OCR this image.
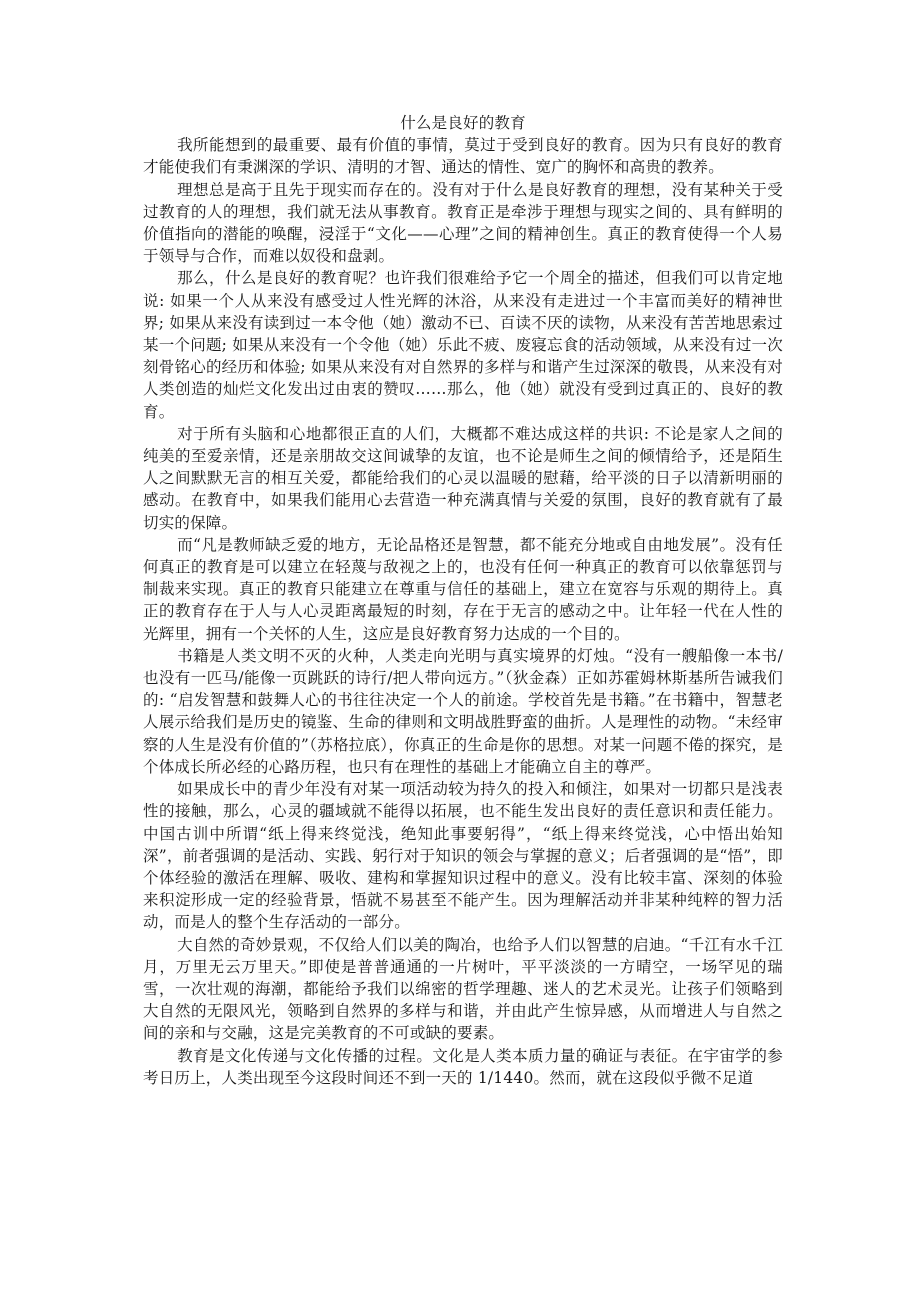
什么是良好的教育

我所能想到的最重要、最有价值的事情，莫过于受到良好的教育。因为只有良好的教育才能使我们有秉渊深的学识、清明的才智、通达的情性、宽广的胸怀和高贵的教养。

理想总是高于且先于现实而存在的。没有对于什么是良好教育的理想，没有某种关于受过教育的人的理想，我们就无法从事教育。教育正是牵涉于理想与现实之间的、具有鲜明的价值指向的潜能的唤醒，浸淫于“文化——心理”之间的精神创生。真正的教育使得一个人易于领导与合作，而难以奴役和盘剥。

那么，什么是良好的教育呢？也许我们很难给予它一个周全的描述，但我们可以肯定地说: 如果一个人从来没有感受过人性光辉的沐浴，从来没有走进过一个丰富而美好的精神世界; 如果从来没有读到过一本令他（她）激动不已、百读不厌的读物，从来没有苦苦地思索过某一个问题; 如果从来没有一个令他（她）乐此不疲、废寝忘食的活动领域，从来没有过一次刻骨铭心的经历和体验; 如果从来没有对自然界的多样与和谐产生过深深的敬畏，从来没有对人类创造的灿烂文化发出过由衷的赞叹……那么，他（她）就没有受到过真正的、良好的教育。

对于所有头脑和心地都很正直的人们，大概都不难达成这样的共识: 不论是家人之间的纯美的至爱亲情，还是亲朋故交这间诚挚的友谊，也不论是师生之间的倾情给予，还是陌生人之间默默无言的相互关爱，都能给我们的心灵以温暖的慰藉，给平淡的日子以清新明丽的感动。在教育中，如果我们能用心去营造一种充满真情与关爱的氛围，良好的教育就有了最切实的保障。

而“凡是教师缺乏爱的地方，无论品格还是智慧，都不能充分地或自由地发展”。没有任何真正的教育是可以建立在轻蔑与敌视之上的，也没有任何一种真正的教育可以依靠惩罚与制裁来实现。真正的教育只能建立在尊重与信任的基础上，建立在宽容与乐观的期待上。真正的教育存在于人与人心灵距离最短的时刻，存在于无言的感动之中。让年轻一代在人性的光辉里，拥有一个关怀的人生，这应是良好教育努力达成的一个目的。

书籍是人类文明不灭的火种，人类走向光明与真实境界的灯烛。“没有一艘船像一本书/也没有一匹马/能像一页跳跃的诗行/把人带向远方。”（狄金森）正如苏霍姆林斯基所告诫我们的: “启发智慧和鼓舞人心的书往往决定一个人的前途。学校首先是书籍。”在书籍中，智慧老人展示给我们是历史的镜鉴、生命的律则和文明战胜野蛮的曲折。人是理性的动物。“未经审察的人生是没有价值的”（苏格拉底），你真正的生命是你的思想。对某一问题不倦的探究，是个体成长所必经的心路历程，也只有在理性的基础上才能确立自主的尊严。

如果成长中的青少年没有对某一项活动较为持久的投入和倾注，如果对一切都只是浅表性的接触，那么，心灵的疆域就不能得以拓展，也不能生发出良好的责任意识和责任能力。中国古训中所谓“纸上得来终觉浅，绝知此事要躬得”，“纸上得来终觉浅，心中悟出始知深”，前者强调的是活动、实践、躬行对于知识的领会与掌握的意义；后者强调的是“悟”，即个体经验的激活在理解、吸收、建构和掌握知识过程中的意义。没有比较丰富、深刻的体验来积淀形成一定的经验背景，悟就不易甚至不能产生。因为理解活动并非某种纯粹的智力活动，而是人的整个生存活动的一部分。

大自然的奇妙景观，不仅给人们以美的陶冶，也给予人们以智慧的启迪。“千江有水千江月，万里无云万里天。”即使是普普通通的一片树叶，平平淡淡的一方晴空，一场罕见的瑞雪，一次壮观的海潮，都能给予我们以绵密的哲学理趣、迷人的艺术灵光。让孩子们领略到大自然的无限风光，领略到自然界的多样与和谐，并由此产生惊异感，从而增进人与自然之间的亲和与交融，这是完美教育的不可或缺的要素。

教育是文化传递与文化传播的过程。文化是人类本质力量的确证与表征。在宇宙学的参考日历上，人类出现至今这段时间还不到一天的 1/1440。然而，就在这段似乎微不足道
